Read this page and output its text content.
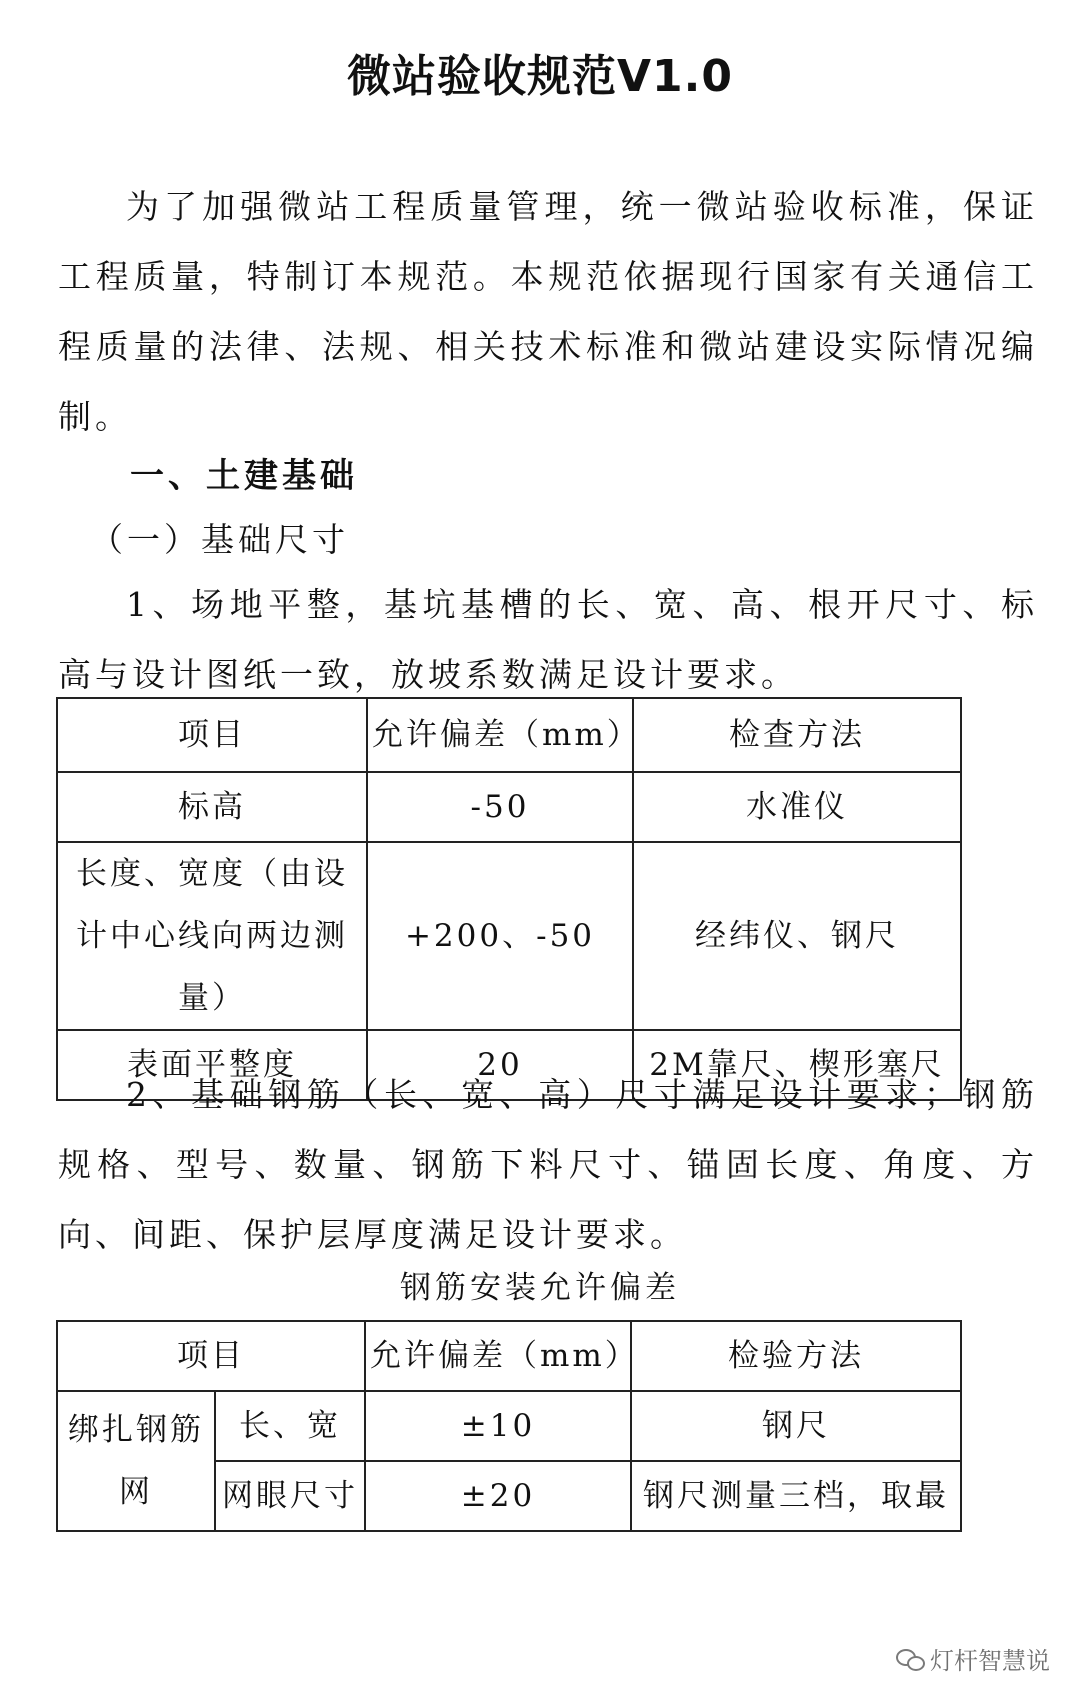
微站验收规范V1.0
为了加强微站工程质量管理，统一微站验收标准，保证工程质量，特制订本规范。本规范依据现行国家有关通信工程质量的法律、法规、相关技术标准和微站建设实际情况编制。
一、土建基础
（一）基础尺寸
1、场地平整，基坑基槽的长、宽、高、根开尺寸、标高与设计图纸一致，放坡系数满足设计要求。
项目	允许偏差（mm）	检查方法
标高	-50	水准仪
长度、宽度（由设计中心线向两边测量）	+200、-50	经纬仪、钢尺
表面平整度	20	2M靠尺、楔形塞尺
2、基础钢筋（长、宽、高）尺寸满足设计要求；钢筋规格、型号、数量、钢筋下料尺寸、锚固长度、角度、方向、间距、保护层厚度满足设计要求。
钢筋安装允许偏差
项目		允许偏差（mm）	检验方法
绑扎钢筋网	长、宽	±10	钢尺
	网眼尺寸	±20	钢尺测量三档，取最
灯杆智慧说
